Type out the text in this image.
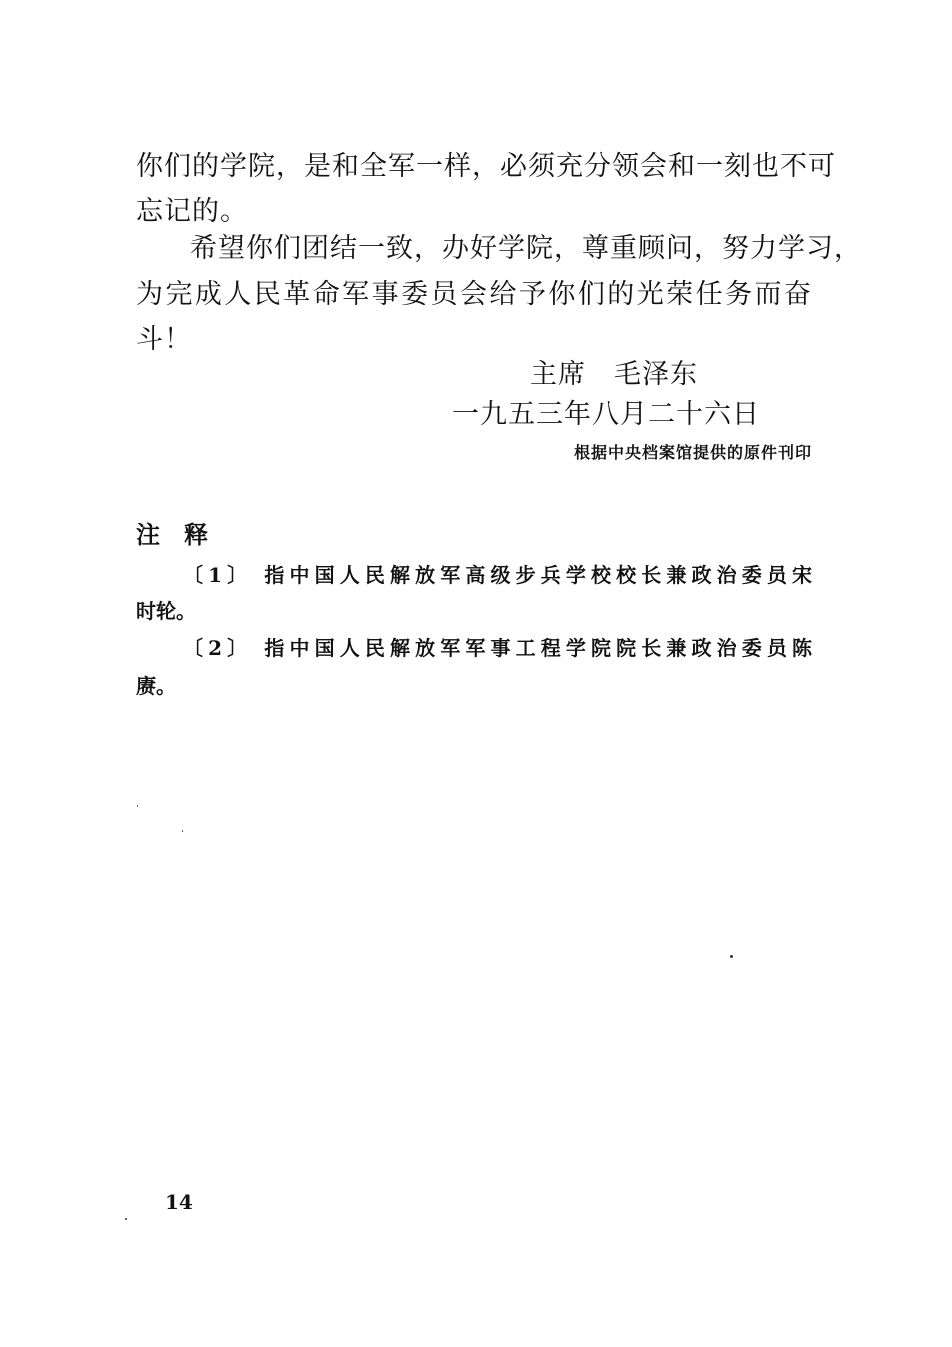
你们的学院，是和全军一样，必须充分领会和一刻也不可
忘记的。
希望你们团结一致，办好学院，尊重顾问，努力学习，
为完成人民革命军事委员会给予你们的光荣任务而奋
斗！
主席　毛泽东
一九五三年八月二十六日
根据中央档案馆提供的原件刊印
注释
〔1〕 指中国人民解放军高级步兵学校校长兼政治委员宋
时轮。
〔2〕 指中国人民解放军军事工程学院院长兼政治委员陈
赓。
14
